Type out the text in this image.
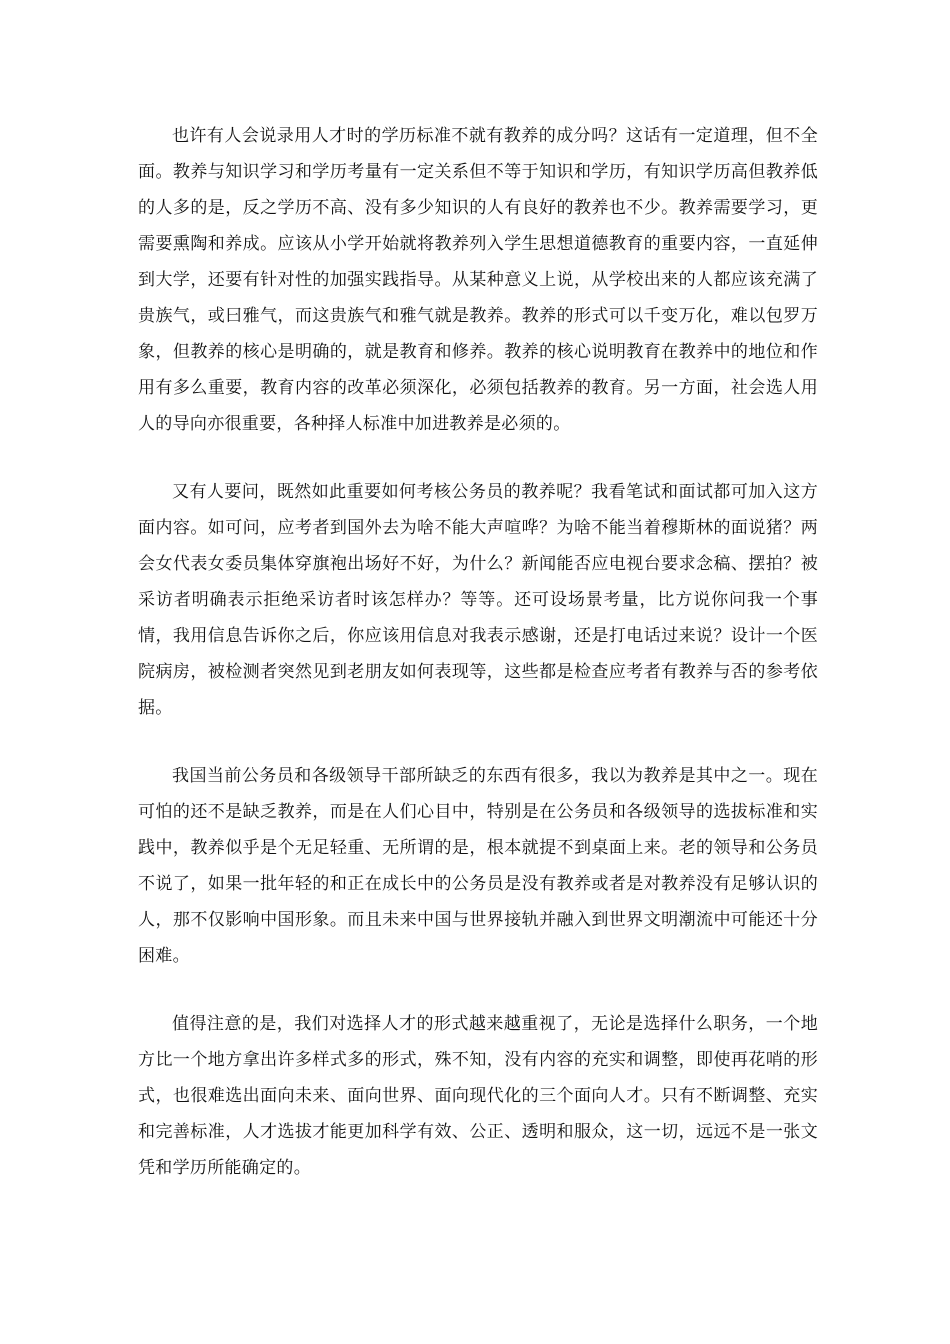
也许有人会说录用人才时的学历标准不就有教养的成分吗？这话有一定道理，但不全面。教养与知识学习和学历考量有一定关系但不等于知识和学历，有知识学历高但教养低的人多的是，反之学历不高、没有多少知识的人有良好的教养也不少。教养需要学习，更需要熏陶和养成。应该从小学开始就将教养列入学生思想道德教育的重要内容，一直延伸到大学，还要有针对性的加强实践指导。从某种意义上说，从学校出来的人都应该充满了贵族气，或曰雅气，而这贵族气和雅气就是教养。教养的形式可以千变万化，难以包罗万象，但教养的核心是明确的，就是教育和修养。教养的核心说明教育在教养中的地位和作用有多么重要，教育内容的改革必须深化，必须包括教养的教育。另一方面，社会选人用人的导向亦很重要，各种择人标准中加进教养是必须的。

又有人要问，既然如此重要如何考核公务员的教养呢？我看笔试和面试都可加入这方面内容。如可问，应考者到国外去为啥不能大声喧哗？为啥不能当着穆斯林的面说猪？两会女代表女委员集体穿旗袍出场好不好，为什么？新闻能否应电视台要求念稿、摆拍？被采访者明确表示拒绝采访者时该怎样办？等等。还可设场景考量，比方说你问我一个事情，我用信息告诉你之后，你应该用信息对我表示感谢，还是打电话过来说？设计一个医院病房，被检测者突然见到老朋友如何表现等，这些都是检查应考者有教养与否的参考依据。

我国当前公务员和各级领导干部所缺乏的东西有很多，我以为教养是其中之一。现在可怕的还不是缺乏教养，而是在人们心目中，特别是在公务员和各级领导的选拔标准和实践中，教养似乎是个无足轻重、无所谓的是，根本就提不到桌面上来。老的领导和公务员不说了，如果一批年轻的和正在成长中的公务员是没有教养或者是对教养没有足够认识的人，那不仅影响中国形象。而且未来中国与世界接轨并融入到世界文明潮流中可能还十分困难。

值得注意的是，我们对选择人才的形式越来越重视了，无论是选择什么职务，一个地方比一个地方拿出许多样式多的形式，殊不知，没有内容的充实和调整，即使再花哨的形式，也很难选出面向未来、面向世界、面向现代化的三个面向人才。只有不断调整、充实和完善标准，人才选拔才能更加科学有效、公正、透明和服众，这一切，远远不是一张文凭和学历所能确定的。
